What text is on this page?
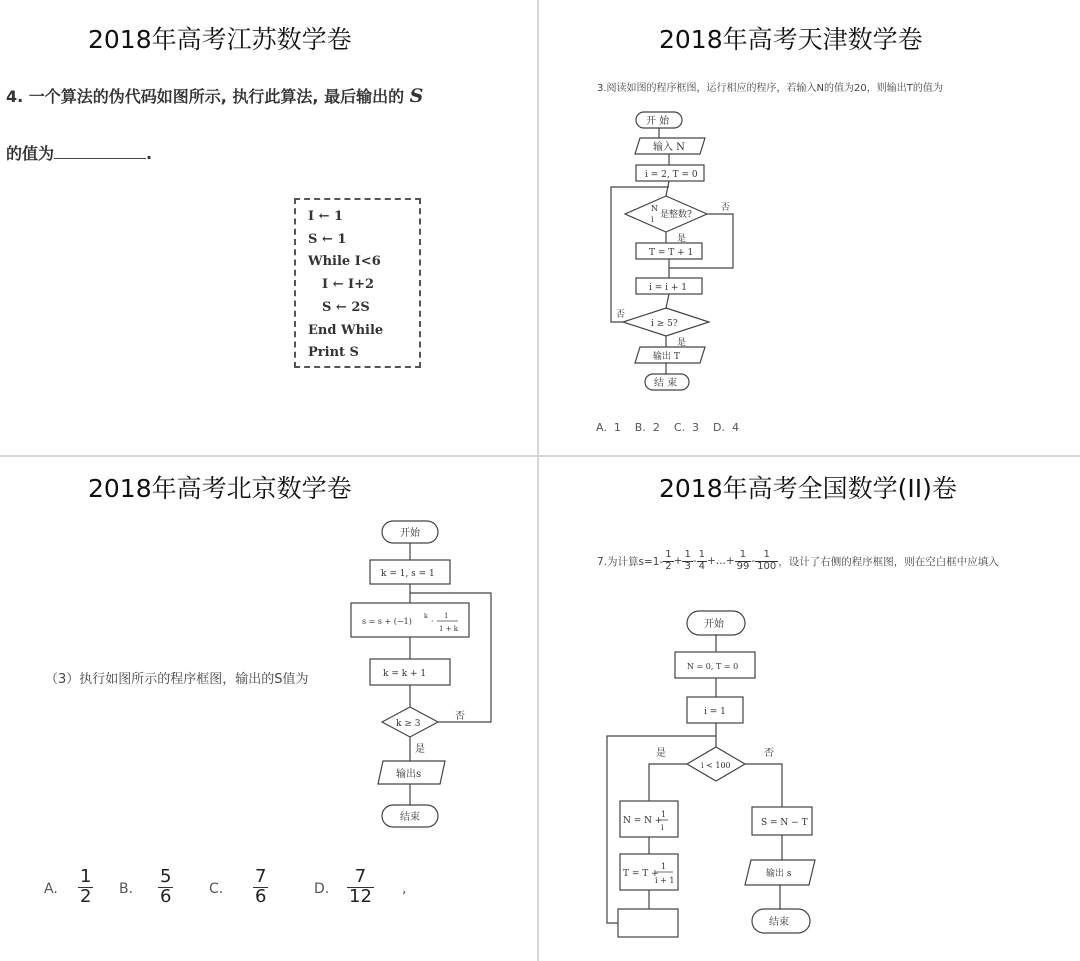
2018年高考江苏数学卷
4. 一个算法的伪代码如图所示, 执行此算法, 最后输出的 S
的值为	.
I ← 1
S ← 1
While I<6
I ← I+2
S ← 2S
End While
Print S
2018年高考天津数学卷
3.阅读如图的程序框图，运行相应的程序，若输入N的值为20，则输出T的值为
开 始
输入 N
i = 2, T = 0
N
i 是整数?
是
否
T = T + 1
i = i + 1
i ≥ 5?
是
否
输出 T
结 束
A.  1    B.  2    C.  3    D.  4
2018年高考北京数学卷
（3）执行如图所示的程序框图，输出的S值为
开始
k = 1, s = 1
s = s + (−1)
k
·
1
1 + k
k = k + 1
k ≥ 3
否
是
输出s
结束
A. $\frac{1}{2} B$. $\frac{5}{6}$	C. $\frac{7}{6}$	D. $\frac{7}{12}$ ,
2018年高考全国数学(II)卷
7.为计算$s=1- \frac{1}{2} + \frac{1}{3} - \frac{1}{4}$ +...+ $\frac{1}{99} - \frac{1}{100}$ ，设计了右侧的程序框图，则在空白框中应填入
开始
N = 0, T = 0
i = 1
i < 100
是	否
N = N +
1
i
T = T +
1
i + 1
S = N − T
输出 s
结束
